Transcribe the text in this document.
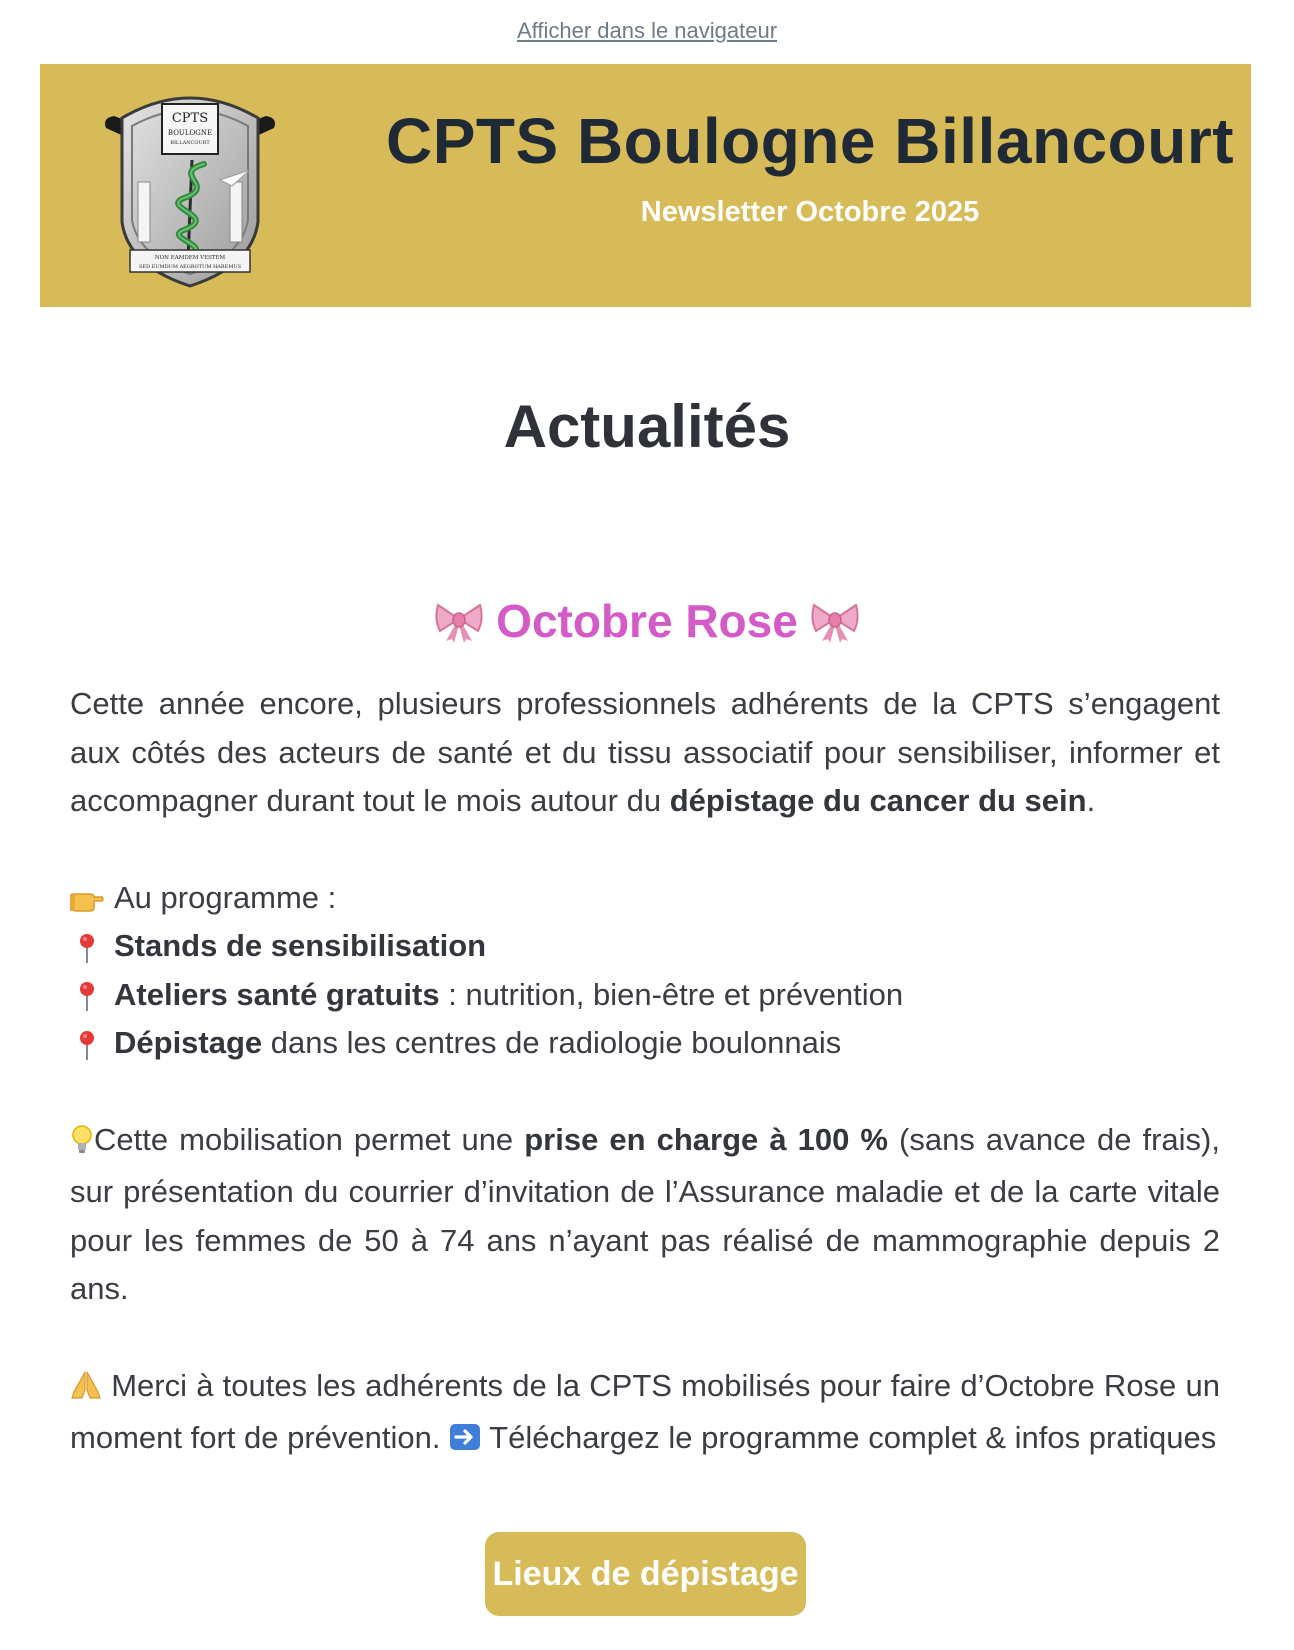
Afficher dans le navigateur
CPTS
BOULOGNE
BILLANCOURT
NON EAMDEM VESTEM
SED EUMDUM AEGROTUM HABEMUS
CPTS Boulogne Billancourt
Newsletter Octobre 2025
Actualités
Octobre Rose

Cette année encore, plusieurs professionnels adhérents de la CPTS s’engagent aux côtés des acteurs de santé et du tissu associatif pour sensibiliser, informer et accompagner durant tout le mois autour du dépistage du cancer du sein.

Au programme :
Stands de sensibilisation
Ateliers santé gratuits : nutrition, bien-être et prévention
Dépistage dans les centres de radiologie boulonnais

Cette mobilisation permet une prise en charge à 100 % (sans avance de frais), sur présentation du courrier d’invitation de l’Assurance maladie et de la carte vitale pour les femmes de 50 à 74 ans n’ayant pas réalisé de mammographie depuis 2 ans.

Merci à toutes les adhérents de la CPTS mobilisés pour faire d’Octobre Rose un moment fort de prévention.  Téléchargez le programme complet & infos pratiques

Lieux de dépistage
